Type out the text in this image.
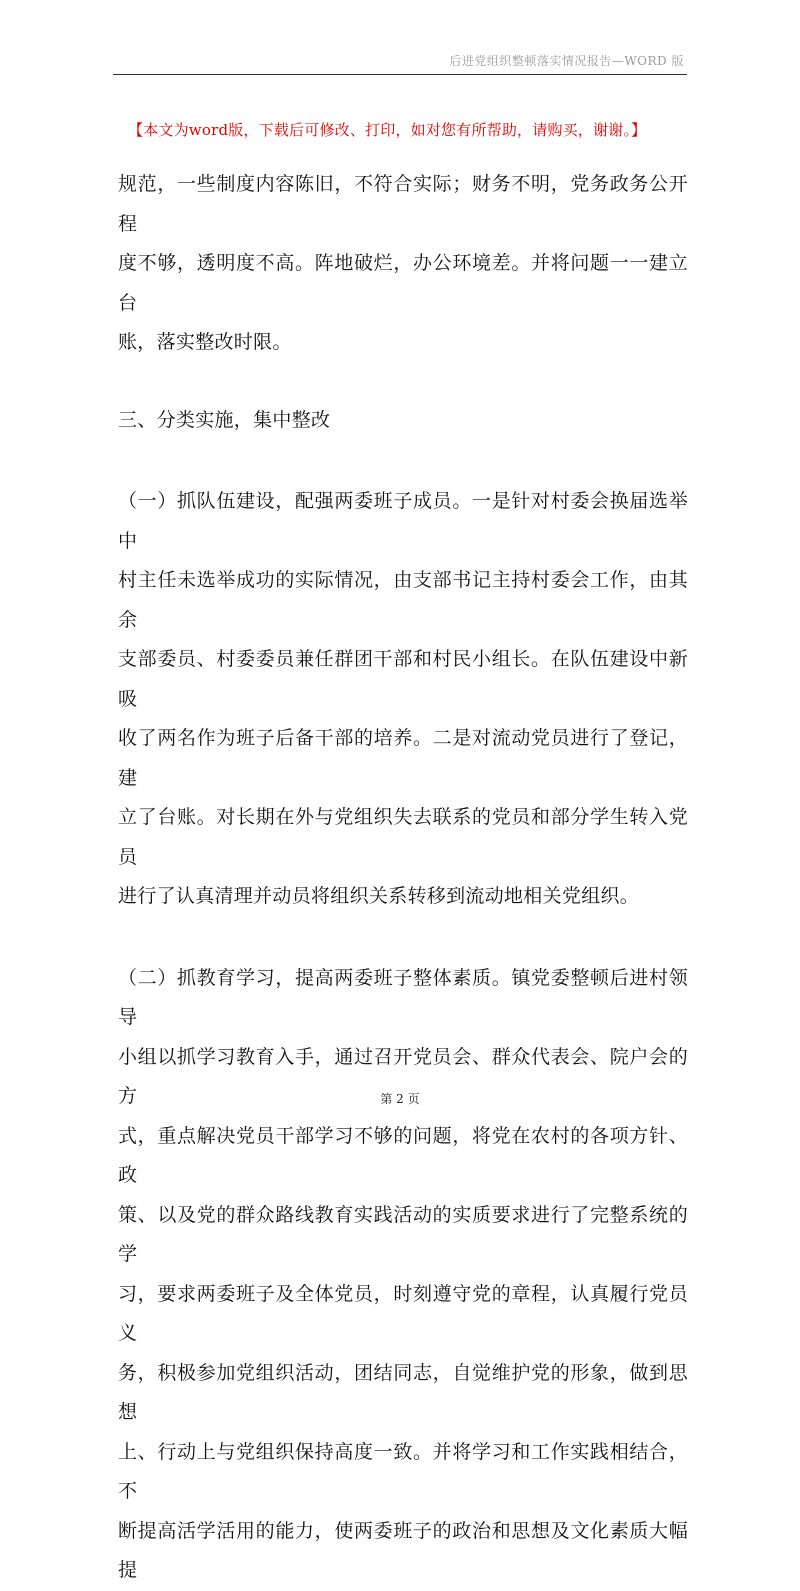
后进党组织整顿落实情况报告—WORD 版
【本文为word版，下载后可修改、打印，如对您有所帮助，请购买，谢谢。】

规范，一些制度内容陈旧，不符合实际；财务不明，党务政务公开程

度不够，透明度不高。阵地破烂，办公环境差。并将问题一一建立台

账，落实整改时限。

三、分类实施，集中整改

（一）抓队伍建设，配强两委班子成员。一是针对村委会换届选举中

村主任未选举成功的实际情况，由支部书记主持村委会工作，由其余

支部委员、村委委员兼任群团干部和村民小组长。在队伍建设中新吸

收了两名作为班子后备干部的培养。二是对流动党员进行了登记，建

立了台账。对长期在外与党组织失去联系的党员和部分学生转入党员

进行了认真清理并动员将组织关系转移到流动地相关党组织。

（二）抓教育学习，提高两委班子整体素质。镇党委整顿后进村领导

小组以抓学习教育入手，通过召开党员会、群众代表会、院户会的方

式，重点解决党员干部学习不够的问题，将党在农村的各项方针、政

策、以及党的群众路线教育实践活动的实质要求进行了完整系统的学

习，要求两委班子及全体党员，时刻遵守党的章程，认真履行党员义

务，积极参加党组织活动，团结同志，自觉维护党的形象，做到思想

上、行动上与党组织保持高度一致。并将学习和工作实践相结合，不

断提高活学活用的能力，使两委班子的政治和思想及文化素质大幅提

第 2 页
